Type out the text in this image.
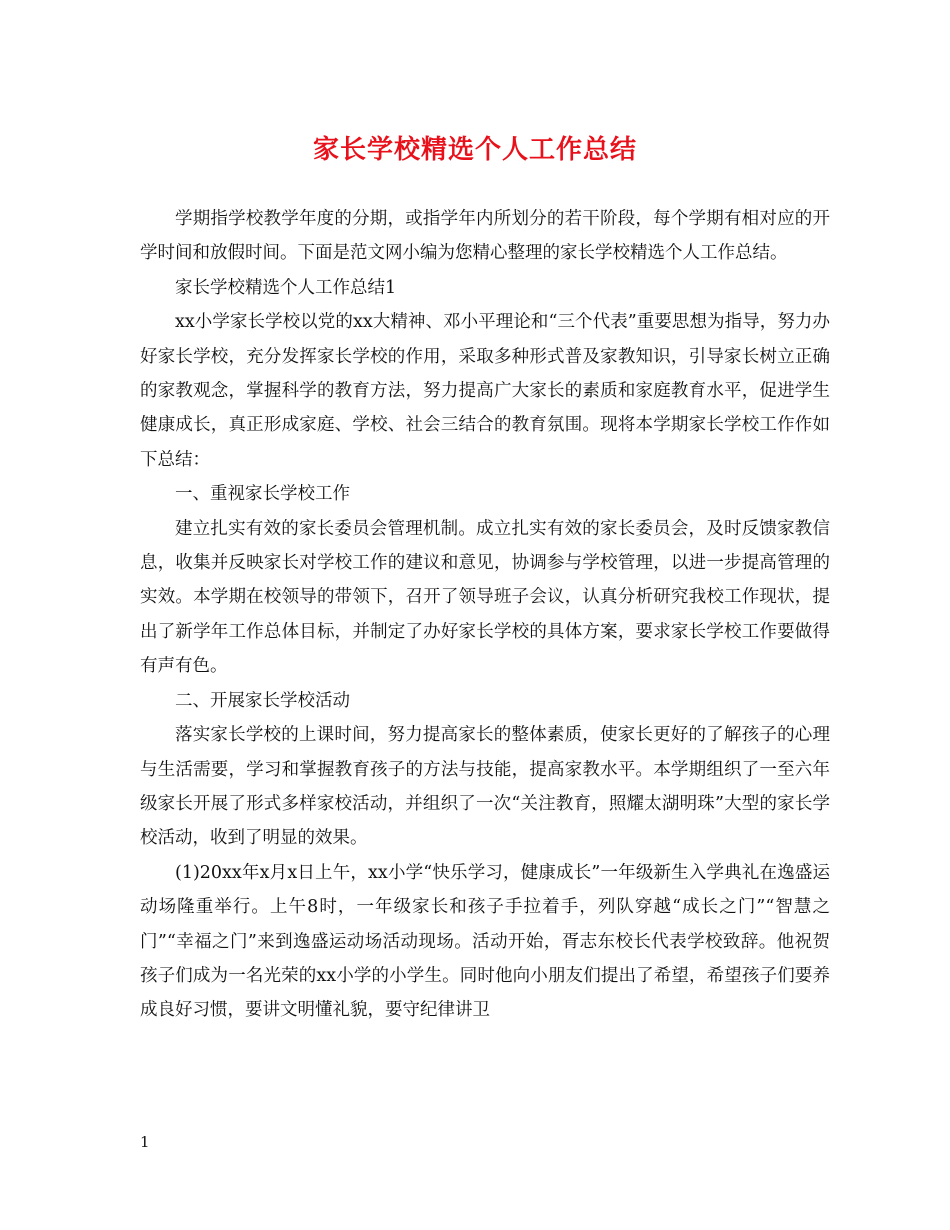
家长学校精选个人工作总结

学期指学校教学年度的分期，或指学年内所划分的若干阶段，每个学期有相对应的开学时间和放假时间。下面是范文网小编为您精心整理的家长学校精选个人工作总结。

家长学校精选个人工作总结1

xx小学家长学校以党的xx大精神、邓小平理论和“三个代表”重要思想为指导，努力办好家长学校，充分发挥家长学校的作用，采取多种形式普及家教知识，引导家长树立正确的家教观念，掌握科学的教育方法，努力提高广大家长的素质和家庭教育水平，促进学生健康成长，真正形成家庭、学校、社会三结合的教育氛围。现将本学期家长学校工作作如下总结：

一、重视家长学校工作

建立扎实有效的家长委员会管理机制。成立扎实有效的家长委员会，及时反馈家教信息，收集并反映家长对学校工作的建议和意见，协调参与学校管理，以进一步提高管理的实效。本学期在校领导的带领下，召开了领导班子会议，认真分析研究我校工作现状，提出了新学年工作总体目标，并制定了办好家长学校的具体方案，要求家长学校工作要做得有声有色。

二、开展家长学校活动

落实家长学校的上课时间，努力提高家长的整体素质，使家长更好的了解孩子的心理与生活需要，学习和掌握教育孩子的方法与技能，提高家教水平。本学期组织了一至六年级家长开展了形式多样家校活动，并组织了一次“关注教育，照耀太湖明珠”大型的家长学校活动，收到了明显的效果。

(1)20xx年x月x日上午，xx小学“快乐学习，健康成长”一年级新生入学典礼在逸盛运动场隆重举行。上午8时，一年级家长和孩子手拉着手，列队穿越“成长之门”“智慧之门”“幸福之门”来到逸盛运动场活动现场。活动开始，胥志东校长代表学校致辞。他祝贺孩子们成为一名光荣的xx小学的小学生。同时他向小朋友们提出了希望，希望孩子们要养成良好习惯，要讲文明懂礼貌，要守纪律讲卫

1
